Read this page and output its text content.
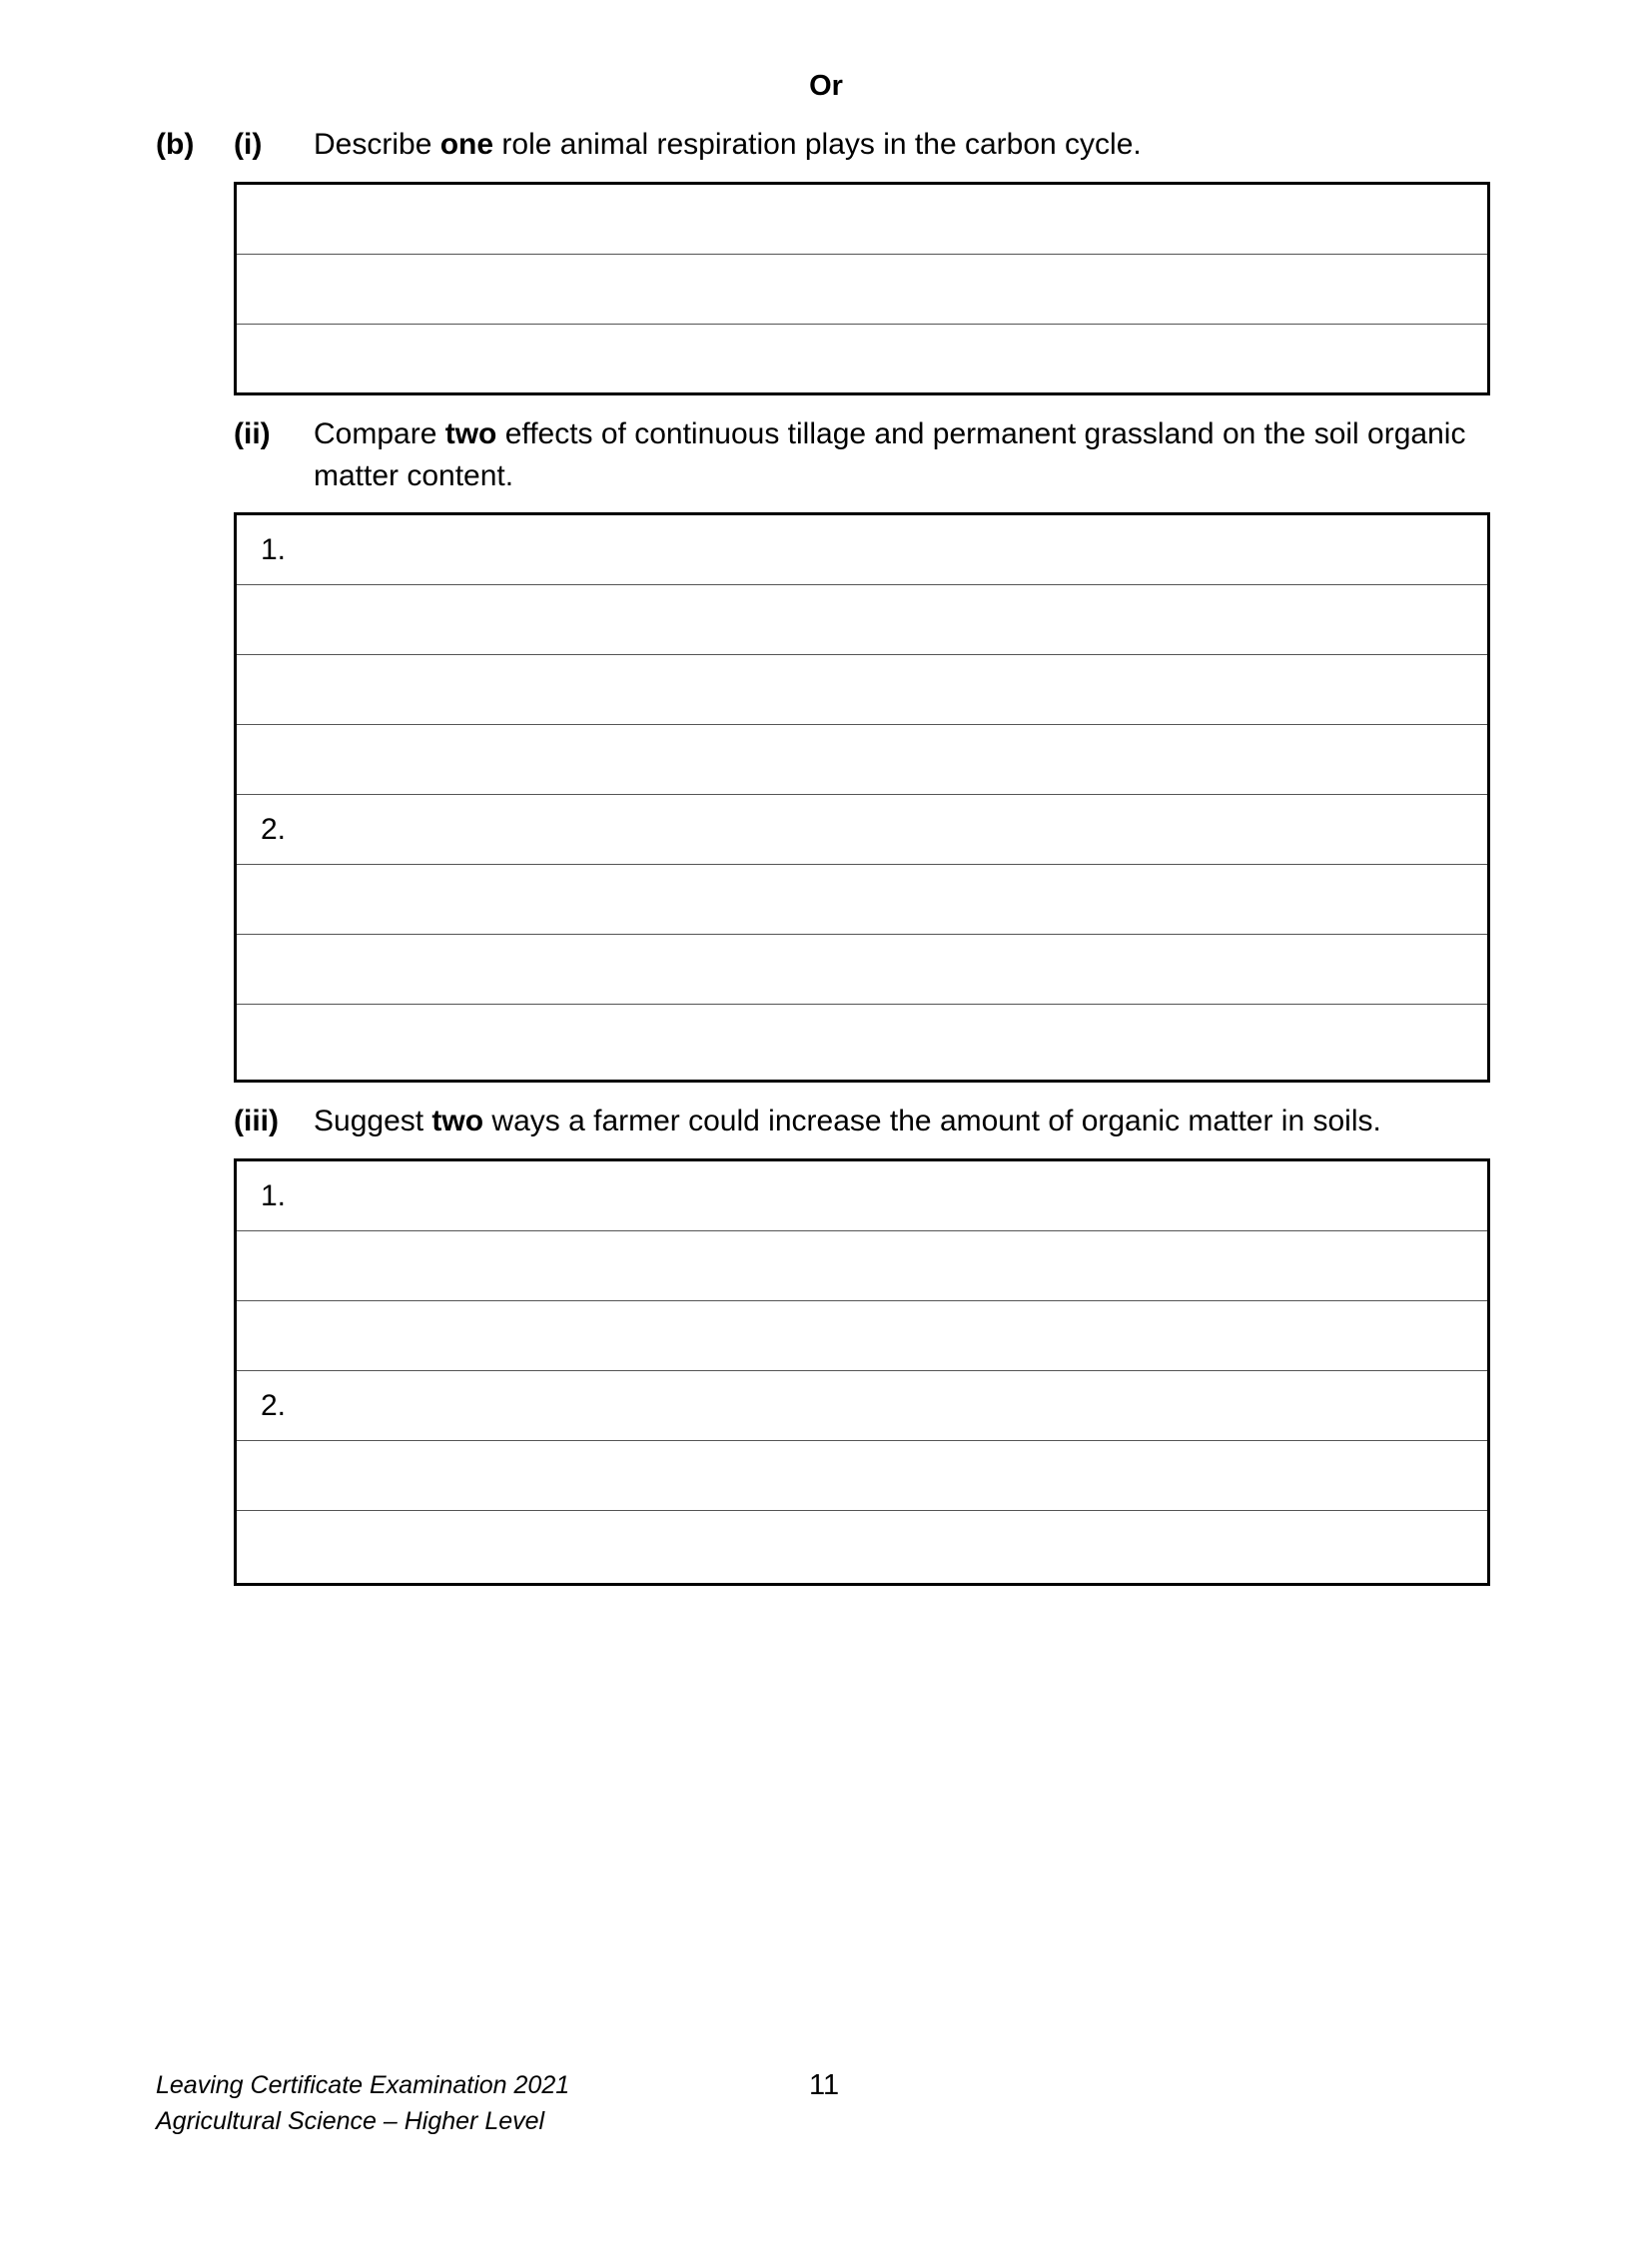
Or
(b) (i) Describe one role animal respiration plays in the carbon cycle.
(ii) Compare two effects of continuous tillage and permanent grassland on the soil organic
matter content.
1.
2.
(iii) Suggest two ways a farmer could increase the amount of organic matter in soils.
1.
2.
Leaving Certificate Examination 2021
Agricultural Science – Higher Level
11
